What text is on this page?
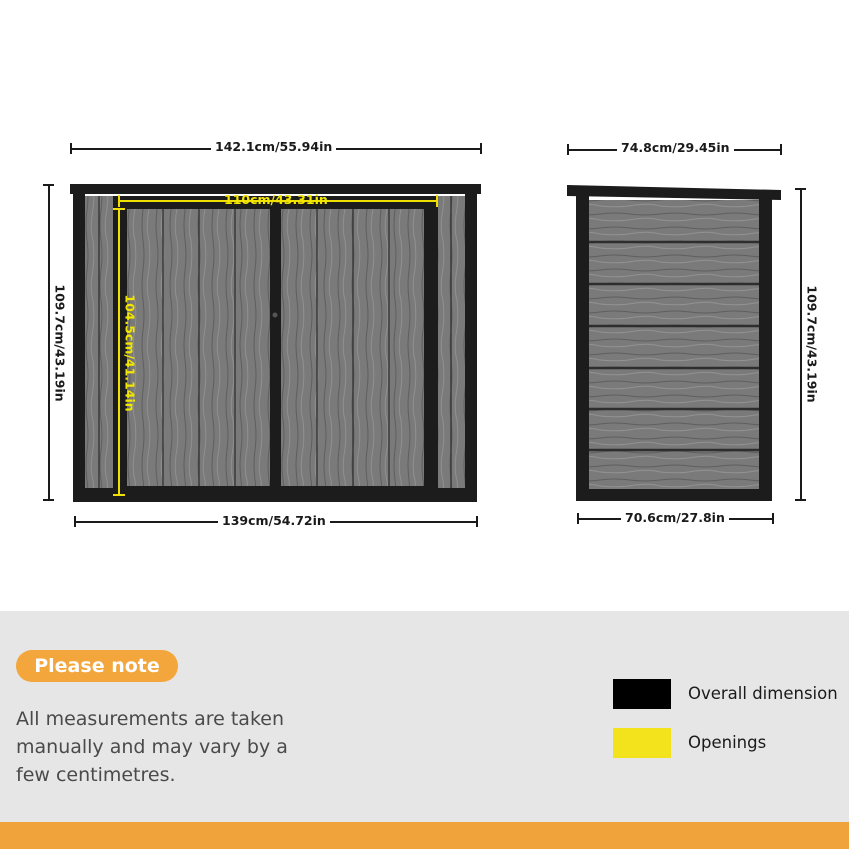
142.1cm/55.94in
109.7cm/43.19in
110cm/43.31in
104.5cm/41.14in
139cm/54.72in
74.8cm/29.45in
109.7cm/43.19in
70.6cm/27.8in
Please note
All measurements are taken manually and may vary by a few centimetres.
Overall dimension
Openings
